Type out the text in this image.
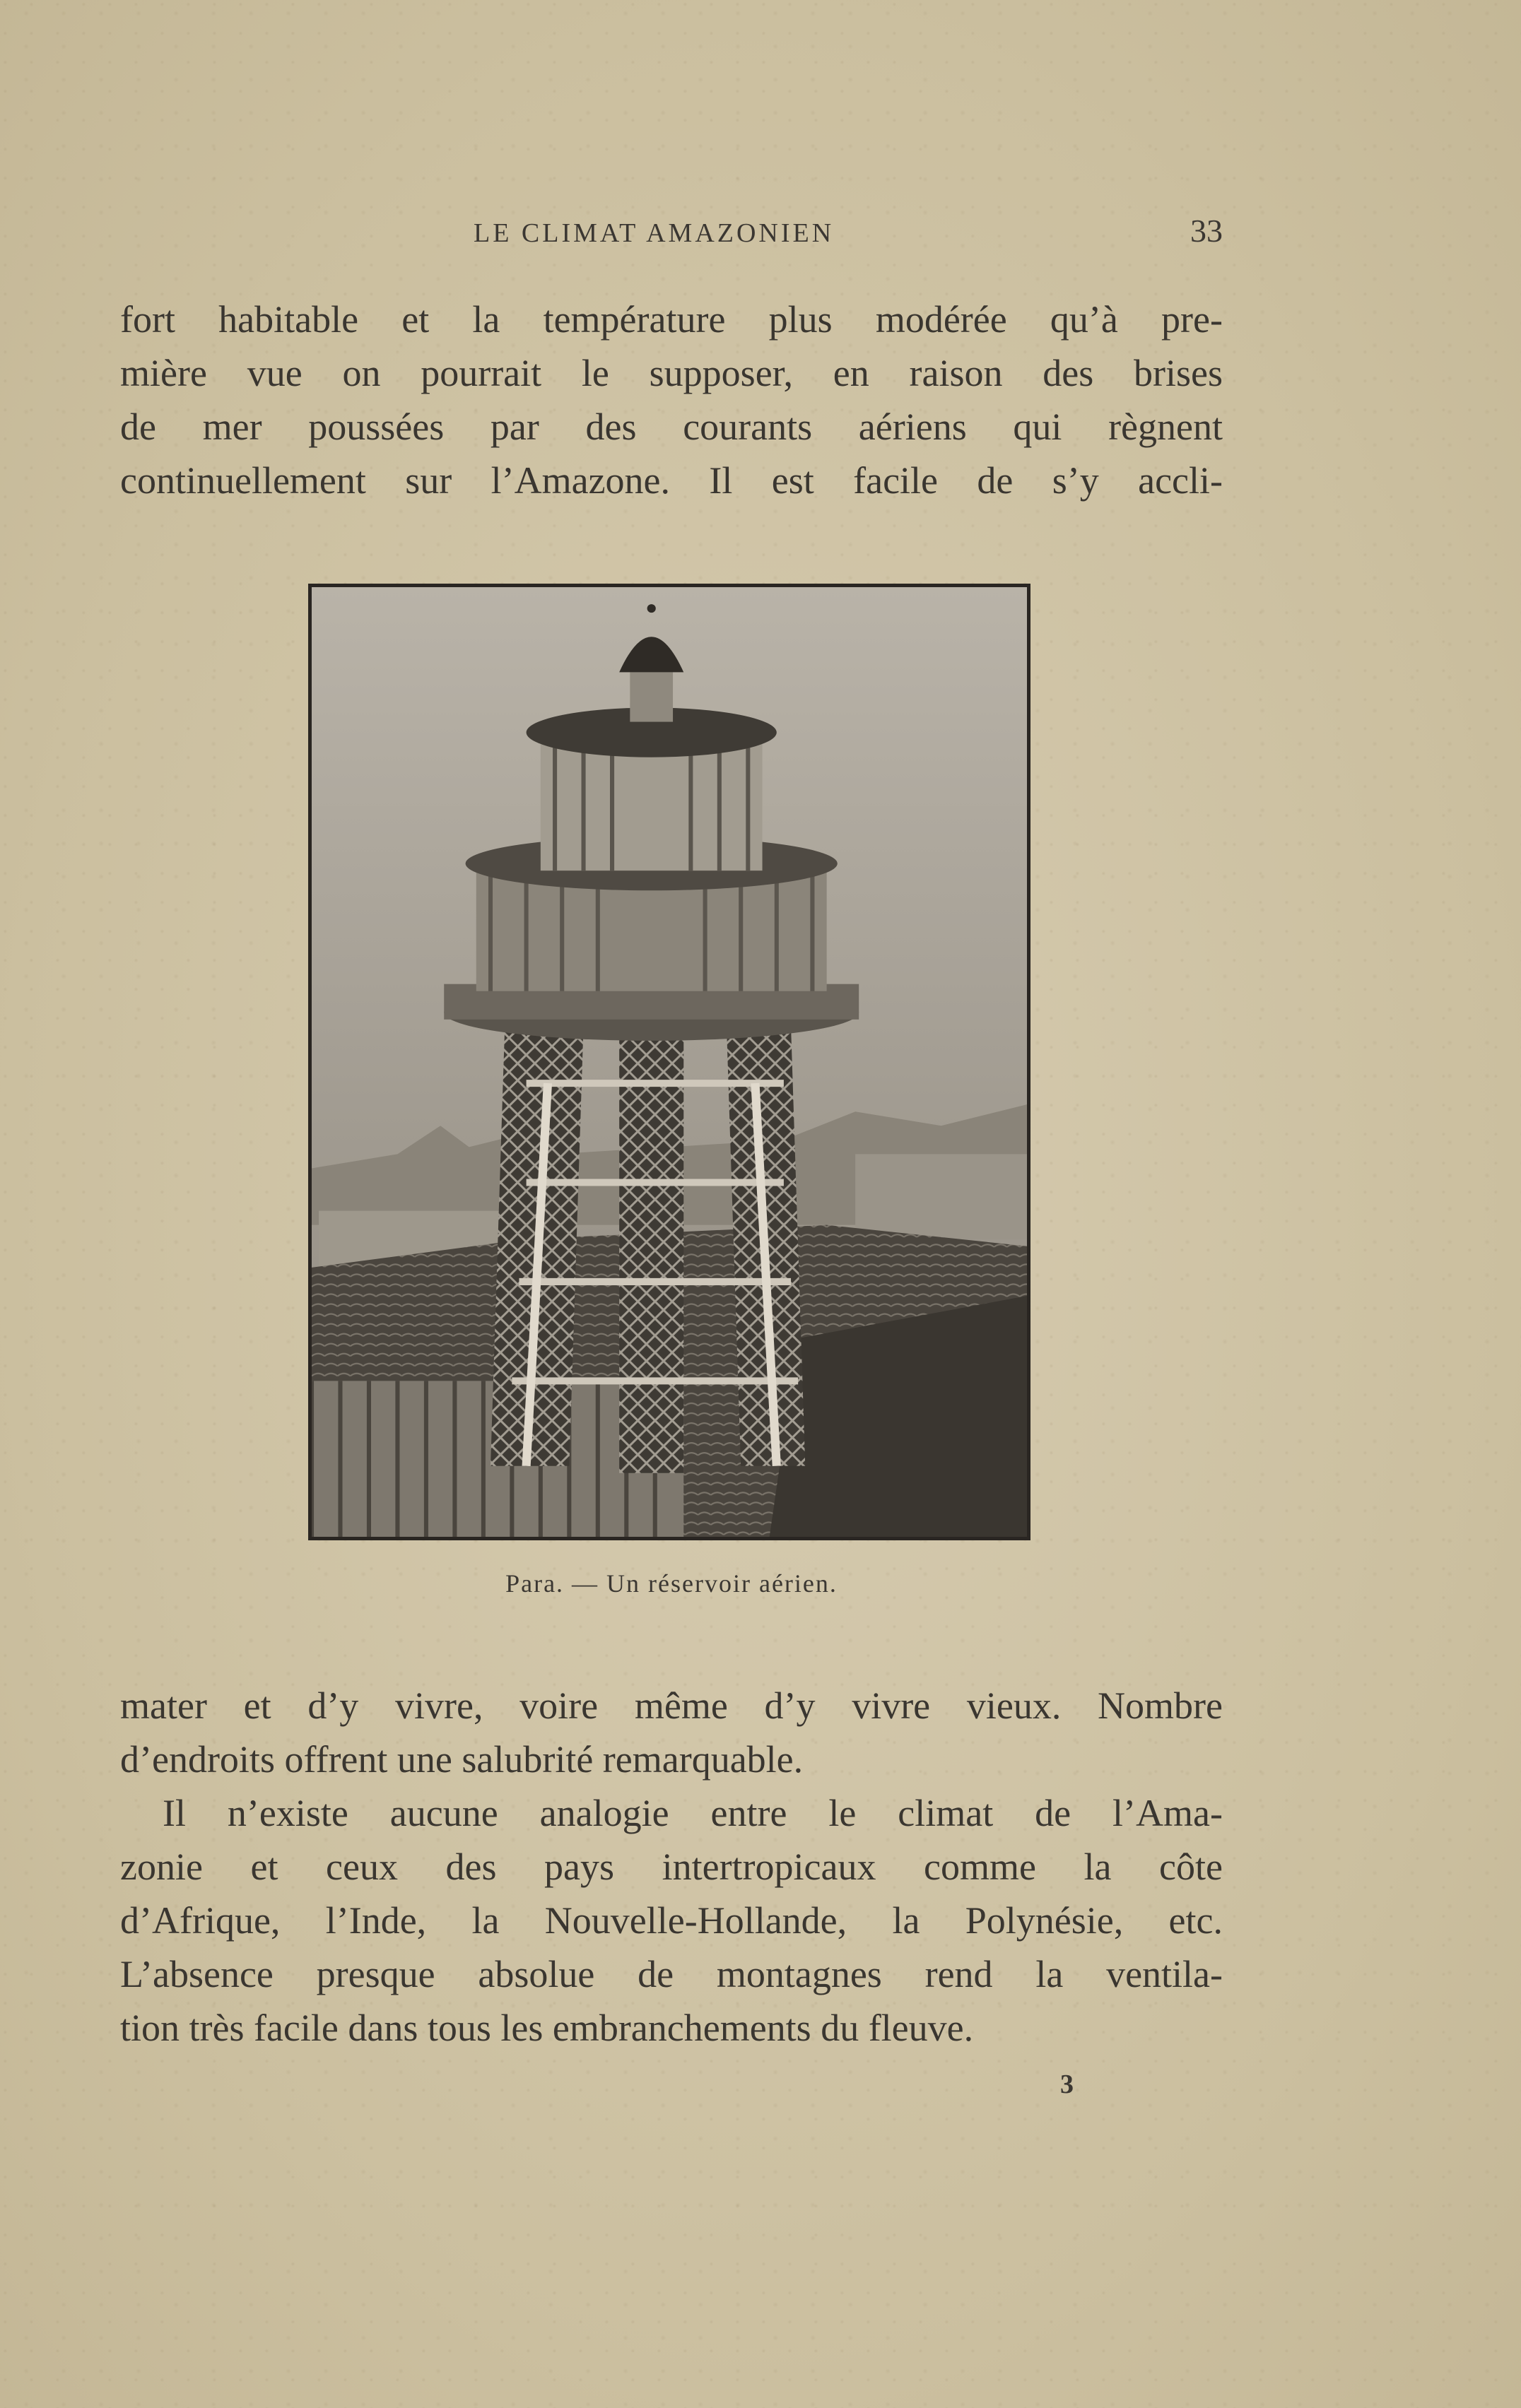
LE CLIMAT AMAZONIEN	33
fort habitable et la température plus modérée qu’à pre-
mière vue on pourrait le supposer, en raison des brises
de mer poussées par des courants aériens qui règnent
continuellement sur l’Amazone. Il est facile de s’y accli-
Para. — Un réservoir aérien.
mater et d’y vivre, voire même d’y vivre vieux. Nombre
d’endroits offrent une salubrité remarquable.
Il n’existe aucune analogie entre le climat de l’Ama-
zonie et ceux des pays intertropicaux comme la côte
d’Afrique, l’Inde, la Nouvelle-Hollande, la Polynésie, etc.
L’absence presque absolue de montagnes rend la ventila-
tion très facile dans tous les embranchements du fleuve.
3
